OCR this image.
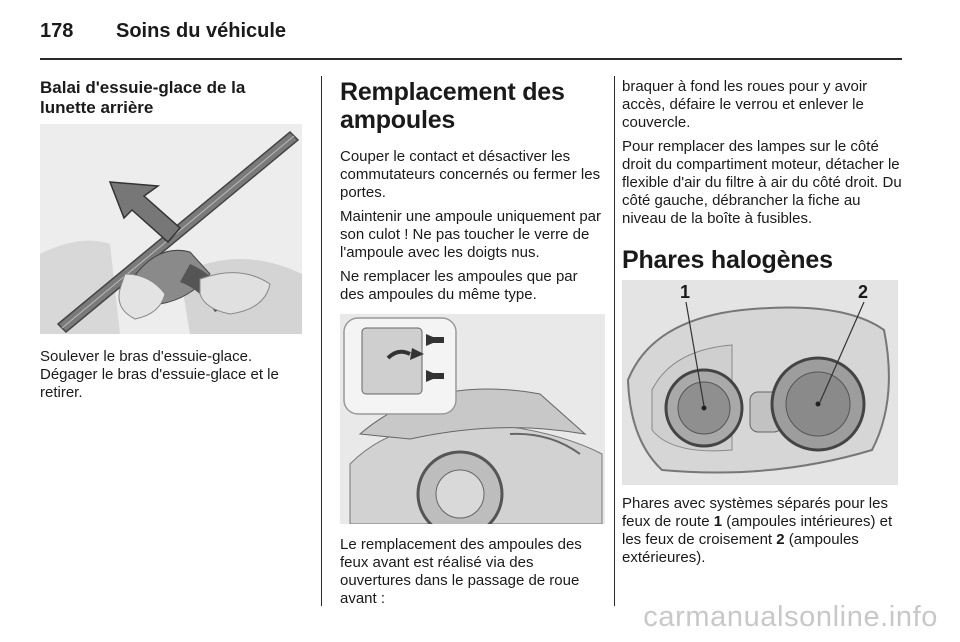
178 Soins du véhicule
Balai d'essuie-glace de la lunette arrière

Soulever le bras d'essuie-glace. Dégager le bras d'essuie-glace et le retirer.

Remplacement des ampoules

Couper le contact et désactiver les commutateurs concernés ou fermer les portes.

Maintenir une ampoule uniquement par son culot ! Ne pas toucher le verre de l'ampoule avec les doigts nus.

Ne remplacer les ampoules que par des ampoules du même type.

Le remplacement des ampoules des feux avant est réalisé via des ouvertures dans le passage de roue avant :

braquer à fond les roues pour y avoir accès, défaire le verrou et enlever le couvercle.

Pour remplacer des lampes sur le côté droit du compartiment moteur, détacher le flexible d'air du filtre à air du côté droit. Du côté gauche, débrancher la fiche au niveau de la boîte à fusibles.

Phares halogènes
1	2

Phares avec systèmes séparés pour les feux de route 1 (ampoules intérieures) et les feux de croisement 2 (ampoules extérieures).

carmanualsonline.info
